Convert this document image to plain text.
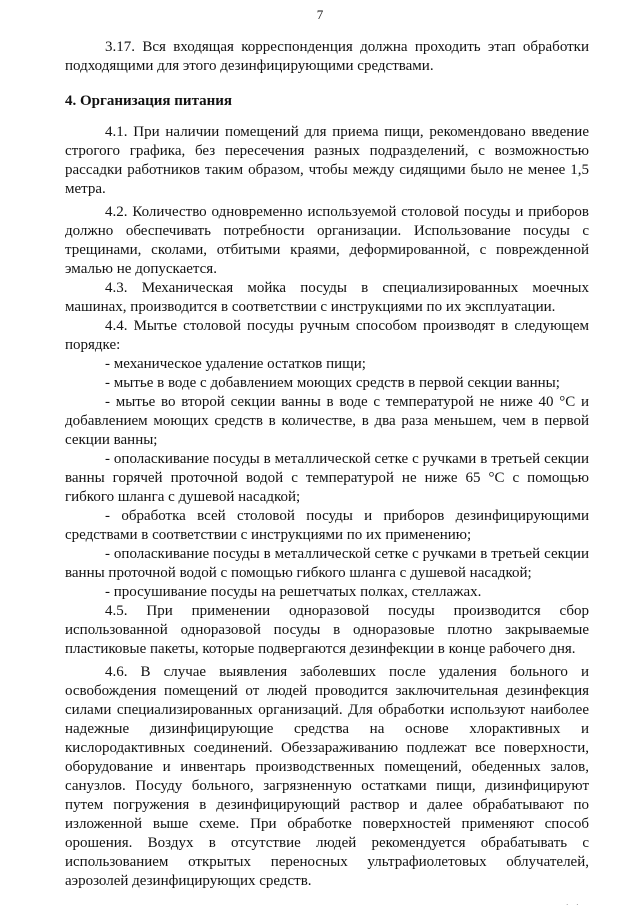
7

3.17. Вся входящая корреспонденция должна проходить этап обработки подходящими для этого дезинфицирующими средствами.

4. Организация питания

4.1. При наличии помещений для приема пищи, рекомендовано введение строгого графика, без пересечения разных подразделений, с возможностью рассадки работников таким образом, чтобы между сидящими было не менее 1,5 метра.

4.2. Количество одновременно используемой столовой посуды и приборов должно обеспечивать потребности организации. Использование посуды с трещинами, сколами, отбитыми краями, деформированной, с поврежденной эмалью не допускается.

4.3. Механическая мойка посуды в специализированных моечных машинах, производится в соответствии с инструкциями по их эксплуатации.

4.4. Мытье столовой посуды ручным способом производят в следующем порядке:

- механическое удаление остатков пищи;

- мытье в воде с добавлением моющих средств в первой секции ванны;

- мытье во второй секции ванны в воде с температурой не ниже 40 °С и добавлением моющих средств в количестве, в два раза меньшем, чем в первой секции ванны;

- ополаскивание посуды в металлической сетке с ручками в третьей секции ванны горячей проточной водой с температурой не ниже 65 °С с помощью гибкого шланга с душевой насадкой;

- обработка всей столовой посуды и приборов дезинфицирующими средствами в соответствии с инструкциями по их применению;

- ополаскивание посуды в металлической сетке с ручками в третьей секции ванны проточной водой с помощью гибкого шланга с душевой насадкой;

- просушивание посуды на решетчатых полках, стеллажах.

4.5. При применении одноразовой посуды производится сбор использованной одноразовой посуды в одноразовые плотно закрываемые пластиковые пакеты, которые подвергаются дезинфекции в конце рабочего дня.

4.6. В случае выявления заболевших после удаления больного и освобождения помещений от людей проводится заключительная дезинфекция силами специализированных организаций. Для обработки используют наиболее надежные дизинфицирующие средства на основе хлорактивных и кислородактивных соединений. Обеззараживанию подлежат все поверхности, оборудование и инвентарь производственных помещений, обеденных залов, санузлов. Посуду больного, загрязненную остатками пищи, дизинфицируют путем погружения в дезинфицирующий раствор и далее обрабатывают по изложенной выше схеме. При обработке поверхностей применяют способ орошения. Воздух в отсутствие людей рекомендуется обрабатывать с использованием открытых переносных ультрафиолетовых облучателей, аэрозолей дезинфицирующих средств.

· ·
